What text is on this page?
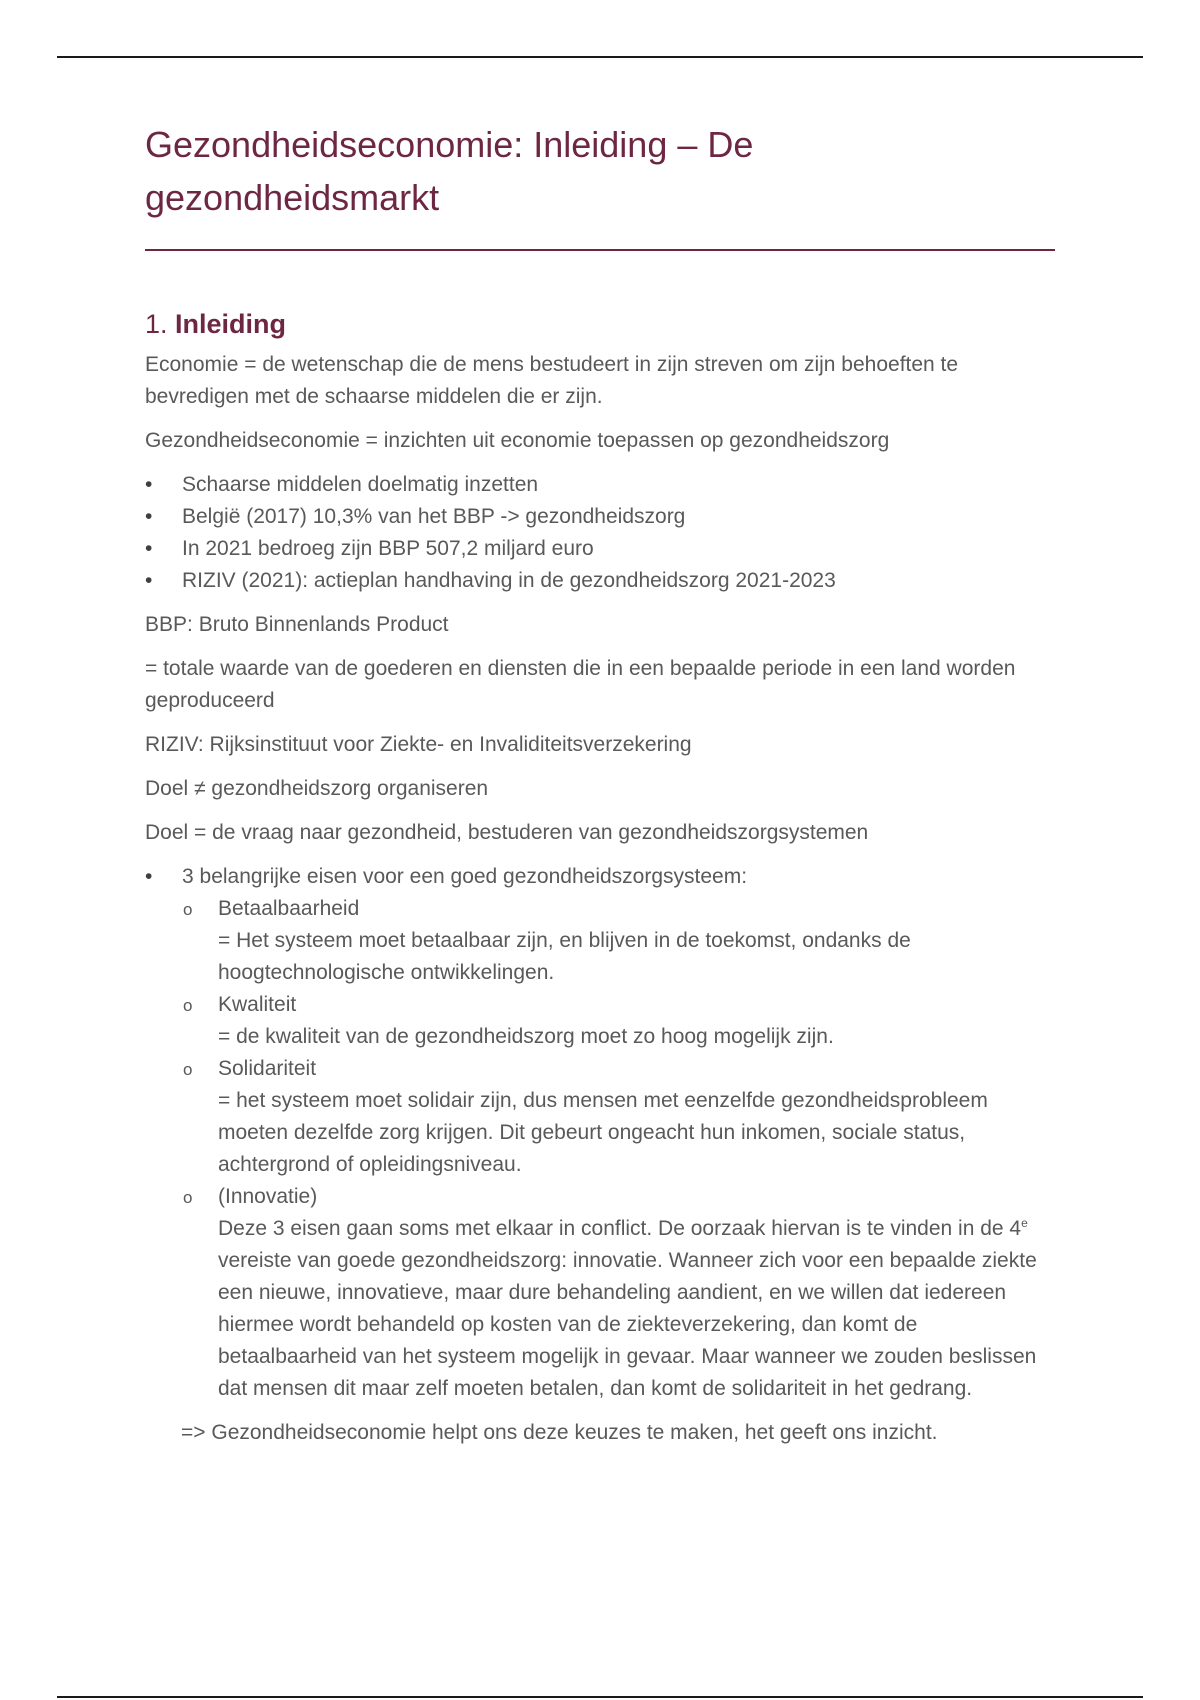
Gezondheidseconomie: Inleiding – De
gezondheidsmarkt
1. Inleiding

Economie = de wetenschap die de mens bestudeert in zijn streven om zijn behoeften te bevredigen met de schaarse middelen die er zijn.

Gezondheidseconomie = inzichten uit economie toepassen op gezondheidszorg

• Schaarse middelen doelmatig inzetten
• België (2017) 10,3% van het BBP -> gezondheidszorg
• In 2021 bedroeg zijn BBP 507,2 miljard euro
• RIZIV (2021): actieplan handhaving in de gezondheidszorg 2021-2023

BBP: Bruto Binnenlands Product

= totale waarde van de goederen en diensten die in een bepaalde periode in een land worden geproduceerd

RIZIV: Rijksinstituut voor Ziekte- en Invaliditeitsverzekering

Doel ≠ gezondheidszorg organiseren

Doel = de vraag naar gezondheid, bestuderen van gezondheidszorgsystemen

• 3 belangrijke eisen voor een goed gezondheidszorgsysteem:
o Betaalbaarheid
= Het systeem moet betaalbaar zijn, en blijven in de toekomst, ondanks de hoogtechnologische ontwikkelingen.
o Kwaliteit
= de kwaliteit van de gezondheidszorg moet zo hoog mogelijk zijn.
o Solidariteit
= het systeem moet solidair zijn, dus mensen met eenzelfde gezondheidsprobleem moeten dezelfde zorg krijgen. Dit gebeurt ongeacht hun inkomen, sociale status, achtergrond of opleidingsniveau.
o (Innovatie)
Deze 3 eisen gaan soms met elkaar in conflict. De oorzaak hiervan is te vinden in de 4e vereiste van goede gezondheidszorg: innovatie. Wanneer zich voor een bepaalde ziekte een nieuwe, innovatieve, maar dure behandeling aandient, en we willen dat iedereen hiermee wordt behandeld op kosten van de ziekteverzekering, dan komt de betaalbaarheid van het systeem mogelijk in gevaar. Maar wanneer we zouden beslissen dat mensen dit maar zelf moeten betalen, dan komt de solidariteit in het gedrang.

=> Gezondheidseconomie helpt ons deze keuzes te maken, het geeft ons inzicht.
